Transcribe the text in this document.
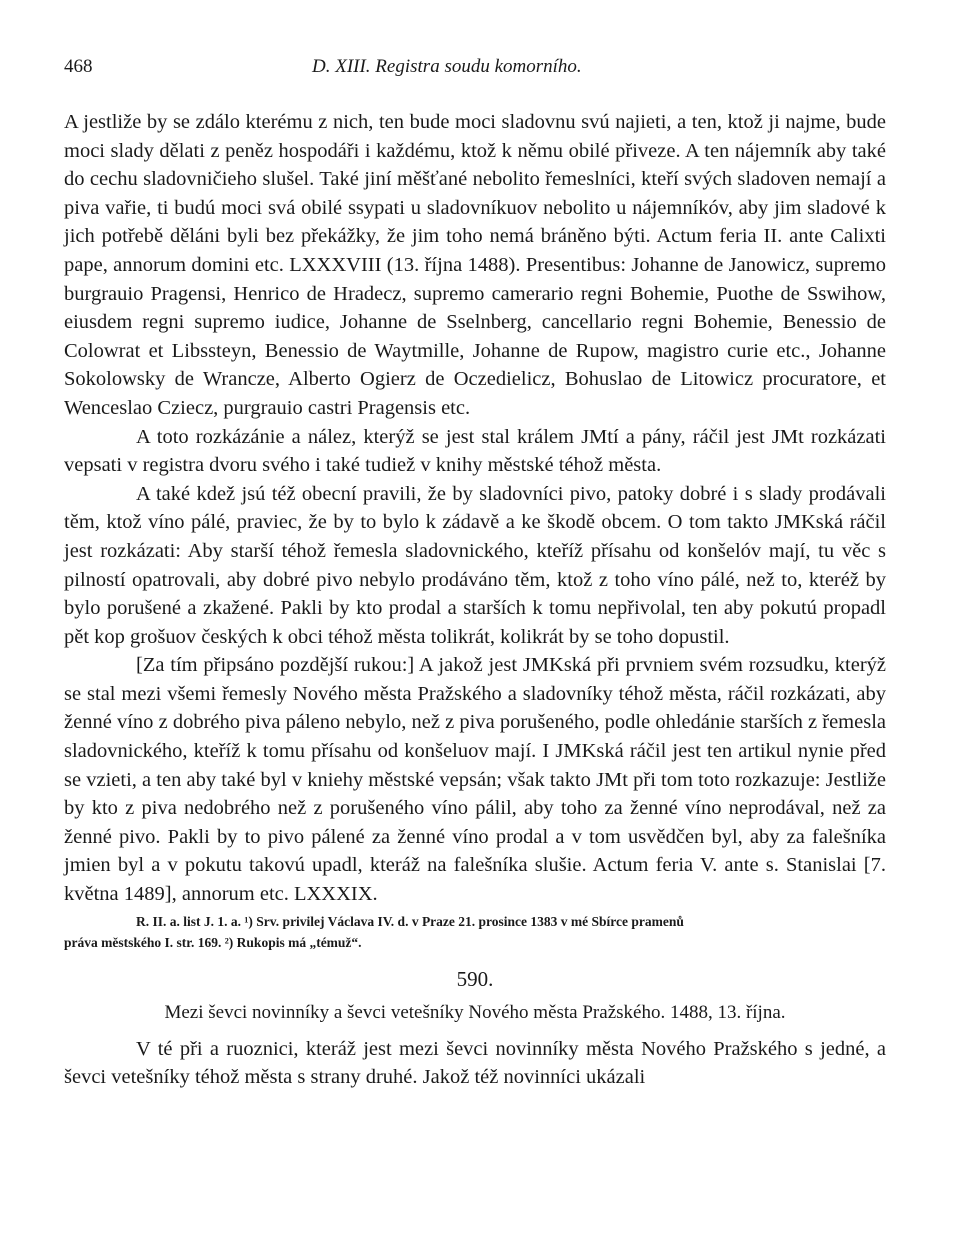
468	D. XIII. Registra soudu komorního.

A jestliže by se zdálo kterému z nich, ten bude moci sladovnu svú najieti, a ten, ktož ji najme, bude moci slady dělati z peněz hospodáři i každému, ktož k němu obilé přiveze. A ten nájemník aby také do cechu sladovničieho slušel. Také jiní měšťané nebolito řemeslníci, kteří svých sladoven nemají a piva vařie, ti budú moci svá obilé ssypati u sladovníkuov nebolito u nájemníkóv, aby jim sladové k jich potřebě děláni byli bez překážky, že jim toho nemá bráněno býti. Actum feria II. ante Calixti pape, annorum domini etc. LXXXVIII (13. října 1488). Presentibus: Johanne de Janowicz, supremo burgrauio Pragensi, Henrico de Hradecz, supremo camerario regni Bohemie, Puothe de Sswihow, eiusdem regni supremo iudice, Johanne de Sselnberg, cancellario regni Bohemie, Benessio de Colowrat et Libssteyn, Benessio de Waytmille, Johanne de Rupow, magistro curie etc., Johanne Sokolowsky de Wrancze, Alberto Ogierz de Oczedielicz, Bohuslao de Litowicz procuratore, et Wenceslao Cziecz, purgrauio castri Pragensis etc.

A toto rozkázánie a nález, kterýž se jest stal králem JMtí a pány, ráčil jest JMt rozkázati vepsati v registra dvoru svého i také tudiež v knihy městské téhož města.

A také kdež jsú též obecní pravili, že by sladovníci pivo, patoky dobré i s slady prodávali těm, ktož víno pálé, praviec, že by to bylo k zádavě a ke škodě obcem. O tom takto JMKská ráčil jest rozkázati: Aby starší téhož řemesla sladovnického, kteříž přísahu od konšelóv mají, tu věc s pilností opatrovali, aby dobré pivo nebylo prodáváno těm, ktož z toho víno pálé, než to, kteréž by bylo porušené a zkažené. Pakli by kto prodal a starších k tomu nepřivolal, ten aby pokutú propadl pět kop grošuov českých k obci téhož města tolikrát, kolikrát by se toho dopustil.

[Za tím připsáno pozdější rukou:] A jakož jest JMKská při prvniem svém rozsudku, kterýž se stal mezi všemi řemesly Nového města Pražského a sladovníky téhož města, ráčil rozkázati, aby ženné víno z dobrého piva páleno nebylo, než z piva porušeného, podle ohledánie starších z řemesla sladovnického, kteříž k tomu přísahu od konšeluov mají. I JMKská ráčil jest ten artikul nynie před se vzieti, a ten aby také byl v kniehy městské vepsán; však takto JMt při tom toto rozkazuje: Jestliže by kto z piva nedobrého než z porušeného víno pálil, aby toho za ženné víno neprodával, než za ženné pivo. Pakli by to pivo pálené za ženné víno prodal a v tom usvědčen byl, aby za falešníka jmien byl a v pokutu takovú upadl, kteráž na falešníka slušie. Actum feria V. ante s. Stanislai [7. května 1489], annorum etc. LXXXIX.

R. II. a. list J. 1. a. ¹) Srv. privilej Václava IV. d. v Praze 21. prosince 1383 v mé Sbírce pramenů
práva městského I. str. 169. ²) Rukopis má „témuž“.
590.
Mezi ševci novinníky a ševci vetešníky Nového města Pražského. 1488, 13. října.

V té při a ruoznici, kteráž jest mezi ševci novinníky města Nového Pražského s jedné, a ševci vetešníky téhož města s strany druhé. Jakož též novinníci ukázali
